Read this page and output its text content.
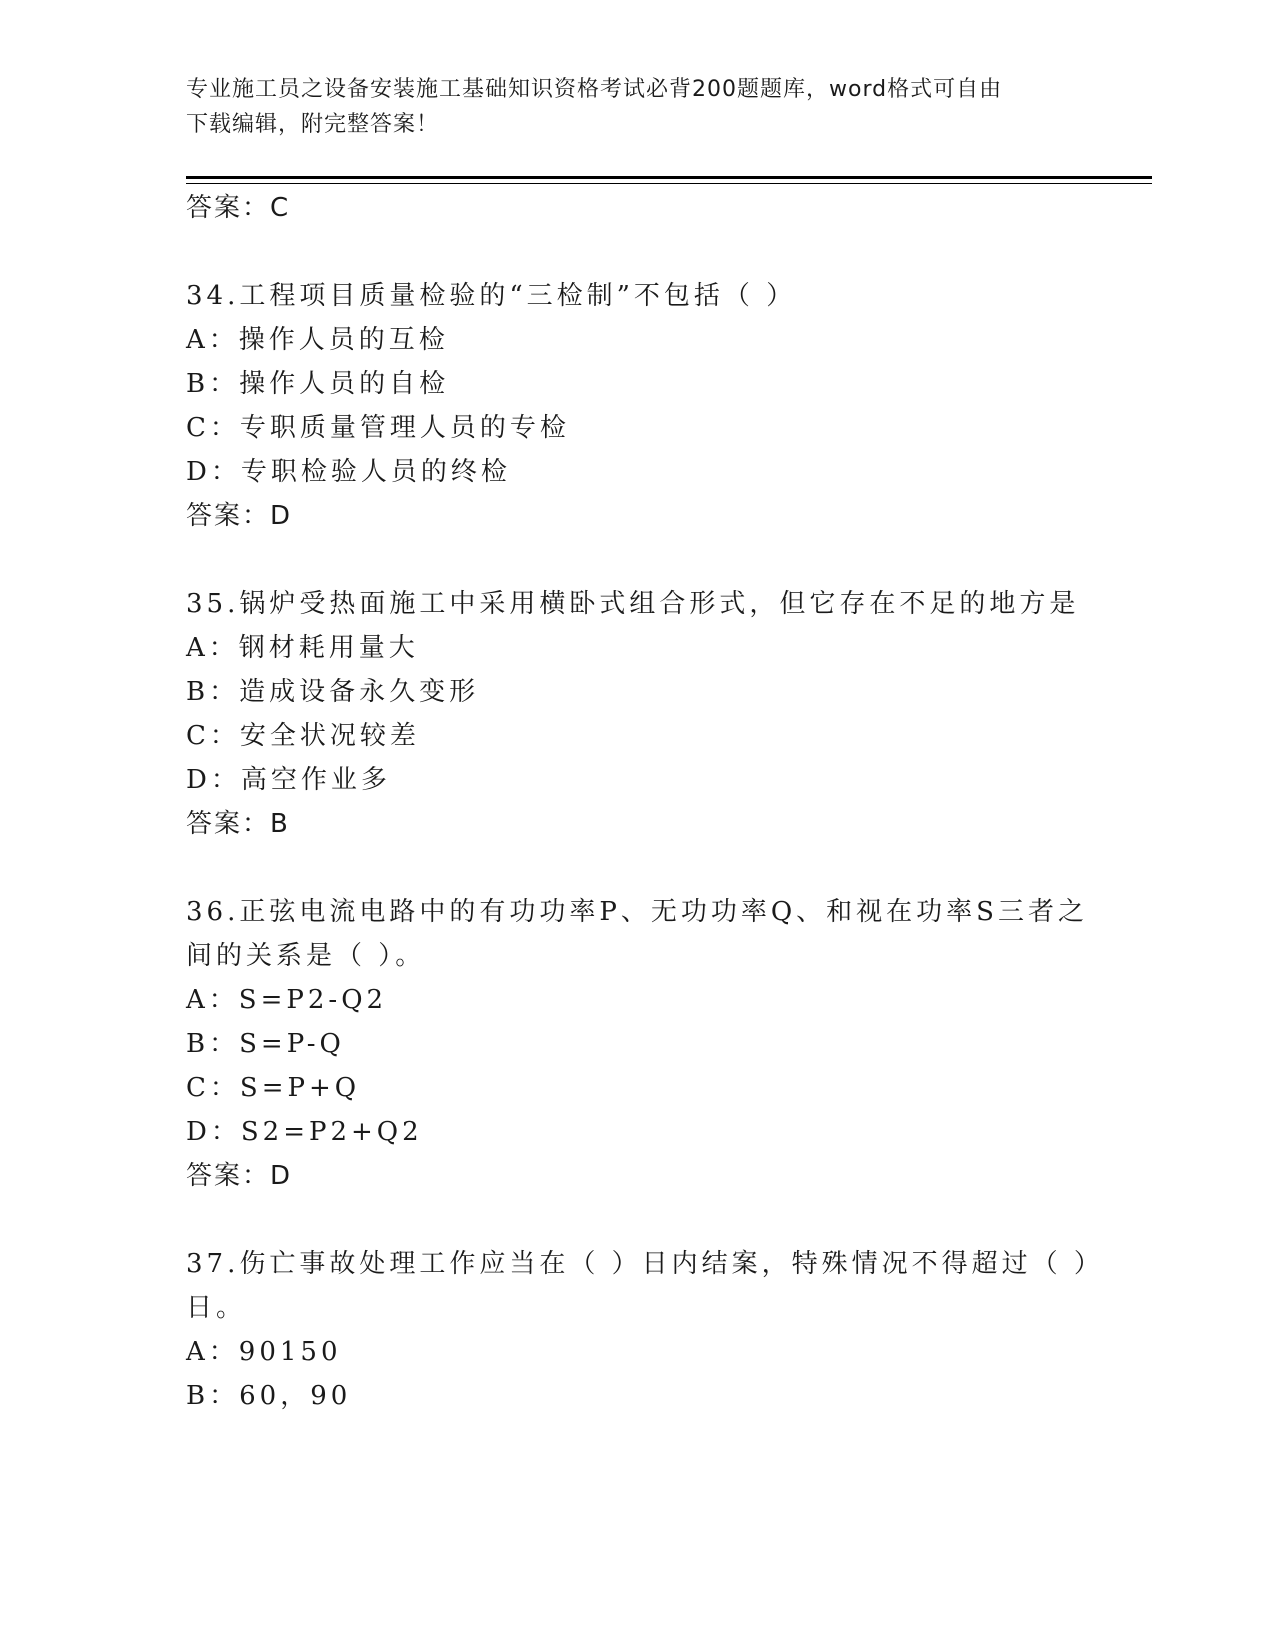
专业施工员之设备安装施工基础知识资格考试必背200题题库，word格式可自由
下载编辑，附完整答案！
答案：C
34.工程项目质量检验的“三检制”不包括（ ）
A：操作人员的互检
B：操作人员的自检
C：专职质量管理人员的专检
D：专职检验人员的终检
答案：D
35.锅炉受热面施工中采用横卧式组合形式，但它存在不足的地方是
A：钢材耗用量大
B：造成设备永久变形
C：安全状况较差
D：高空作业多
答案：B
36.正弦电流电路中的有功功率P、无功功率Q、和视在功率S三者之
间的关系是（ ）。
A：S=P2-Q2
B：S=P-Q
C：S=P+Q
D：S2=P2+Q2
答案：D
37.伤亡事故处理工作应当在（ ）日内结案，特殊情况不得超过（ ）
日。
A：90150
B：60，90
